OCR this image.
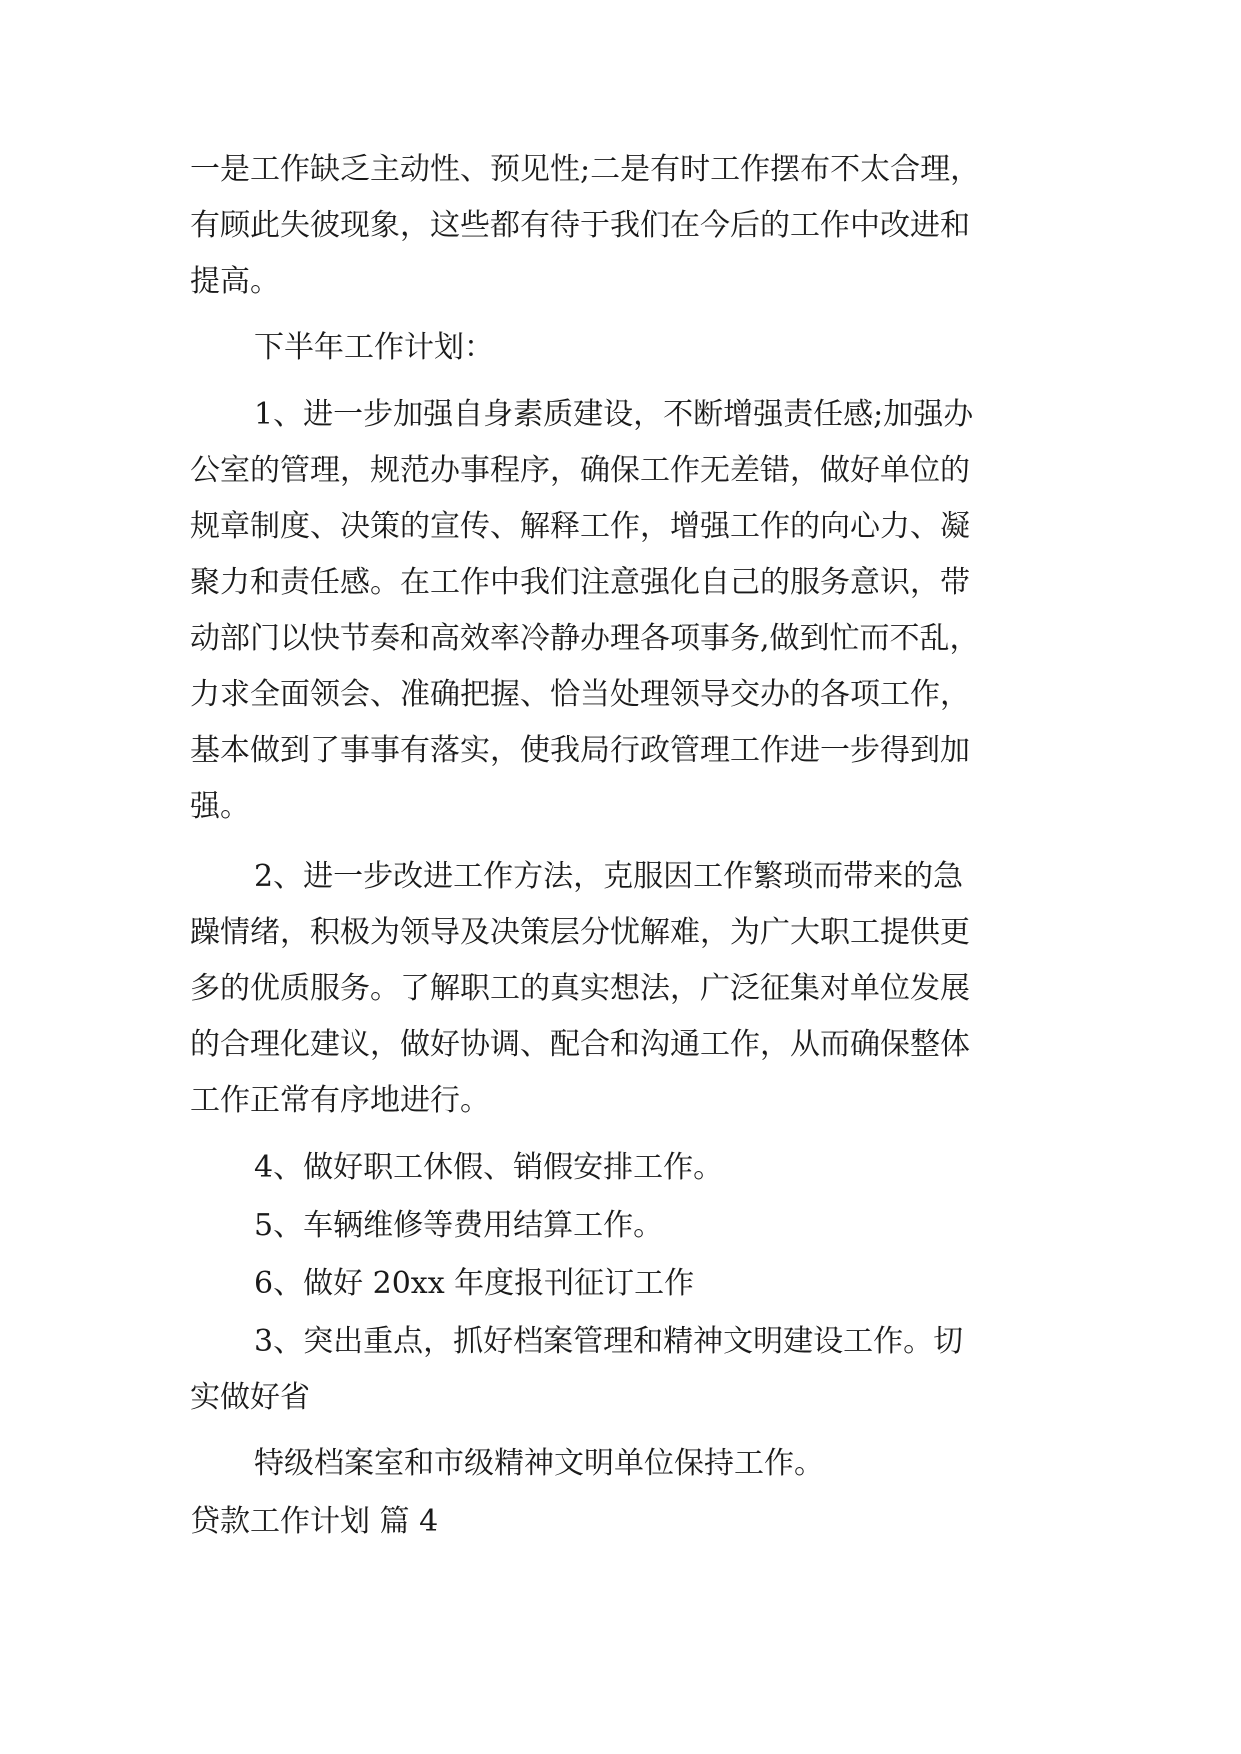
一是工作缺乏主动性、预见性;二是有时工作摆布不太合理，
有顾此失彼现象，这些都有待于我们在今后的工作中改进和
提高。
下半年工作计划：
1、进一步加强自身素质建设，不断增强责任感;加强办
公室的管理，规范办事程序，确保工作无差错，做好单位的
规章制度、决策的宣传、解释工作，增强工作的向心力、凝
聚力和责任感。在工作中我们注意强化自己的服务意识，带
动部门以快节奏和高效率冷静办理各项事务,做到忙而不乱，
力求全面领会、准确把握、恰当处理领导交办的各项工作，
基本做到了事事有落实，使我局行政管理工作进一步得到加
强。
2、进一步改进工作方法，克服因工作繁琐而带来的急
躁情绪，积极为领导及决策层分忧解难，为广大职工提供更
多的优质服务。了解职工的真实想法，广泛征集对单位发展
的合理化建议，做好协调、配合和沟通工作，从而确保整体
工作正常有序地进行。
4、做好职工休假、销假安排工作。
5、车辆维修等费用结算工作。
6、做好 20xx 年度报刊征订工作
3、突出重点，抓好档案管理和精神文明建设工作。切
实做好省
特级档案室和市级精神文明单位保持工作。
贷款工作计划 篇 4
